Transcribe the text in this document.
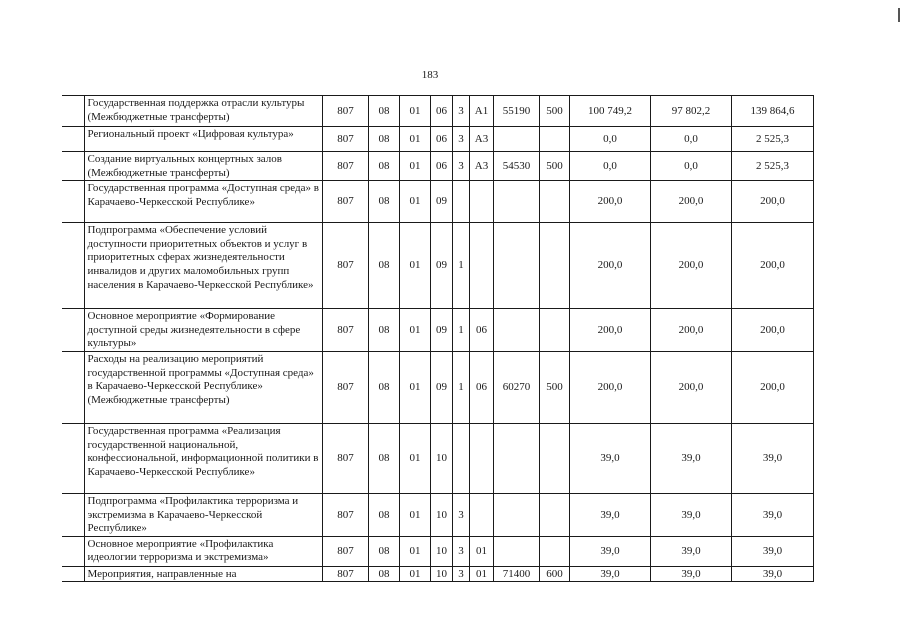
183
	Государственная поддержка отрасли культуры (Межбюджетные трансферты)	807	08	01	06	3	A1	55190	500	100 749,2	97 802,2	139 864,6
	Региональный проект «Цифровая культура»	807	08	01	06	3	A3			0,0	0,0	2 525,3
	Создание виртуальных концертных залов (Межбюджетные трансферты)	807	08	01	06	3	A3	54530	500	0,0	0,0	2 525,3
	Государственная программа «Доступная среда» в Карачаево-Черкесской Республике»	807	08	01	09					200,0	200,0	200,0
	Подпрограмма «Обеспечение условий доступности приоритетных объектов и услуг в приоритетных сферах жизнедеятельности инвалидов и других маломобильных групп населения в Карачаево-Черкесской Республике»	807	08	01	09	1				200,0	200,0	200,0
	Основное мероприятие «Формирование доступной среды жизнедеятельности в сфере культуры»	807	08	01	09	1	06			200,0	200,0	200,0
	Расходы на реализацию мероприятий государственной программы «Доступная среда» в Карачаево-Черкесской Республике» (Межбюджетные трансферты)	807	08	01	09	1	06	60270	500	200,0	200,0	200,0
	Государственная программа «Реализация государственной национальной, конфессиональной, информационной политики в Карачаево-Черкесской Республике»	807	08	01	10					39,0	39,0	39,0
	Подпрограмма «Профилактика терроризма и экстремизма в Карачаево-Черкесской Республике»	807	08	01	10	3				39,0	39,0	39,0
	Основное мероприятие «Профилактика идеологии терроризма и экстремизма»	807	08	01	10	3	01			39,0	39,0	39,0
	Мероприятия, направленные на	807	08	01	10	3	01	71400	600	39,0	39,0	39,0
